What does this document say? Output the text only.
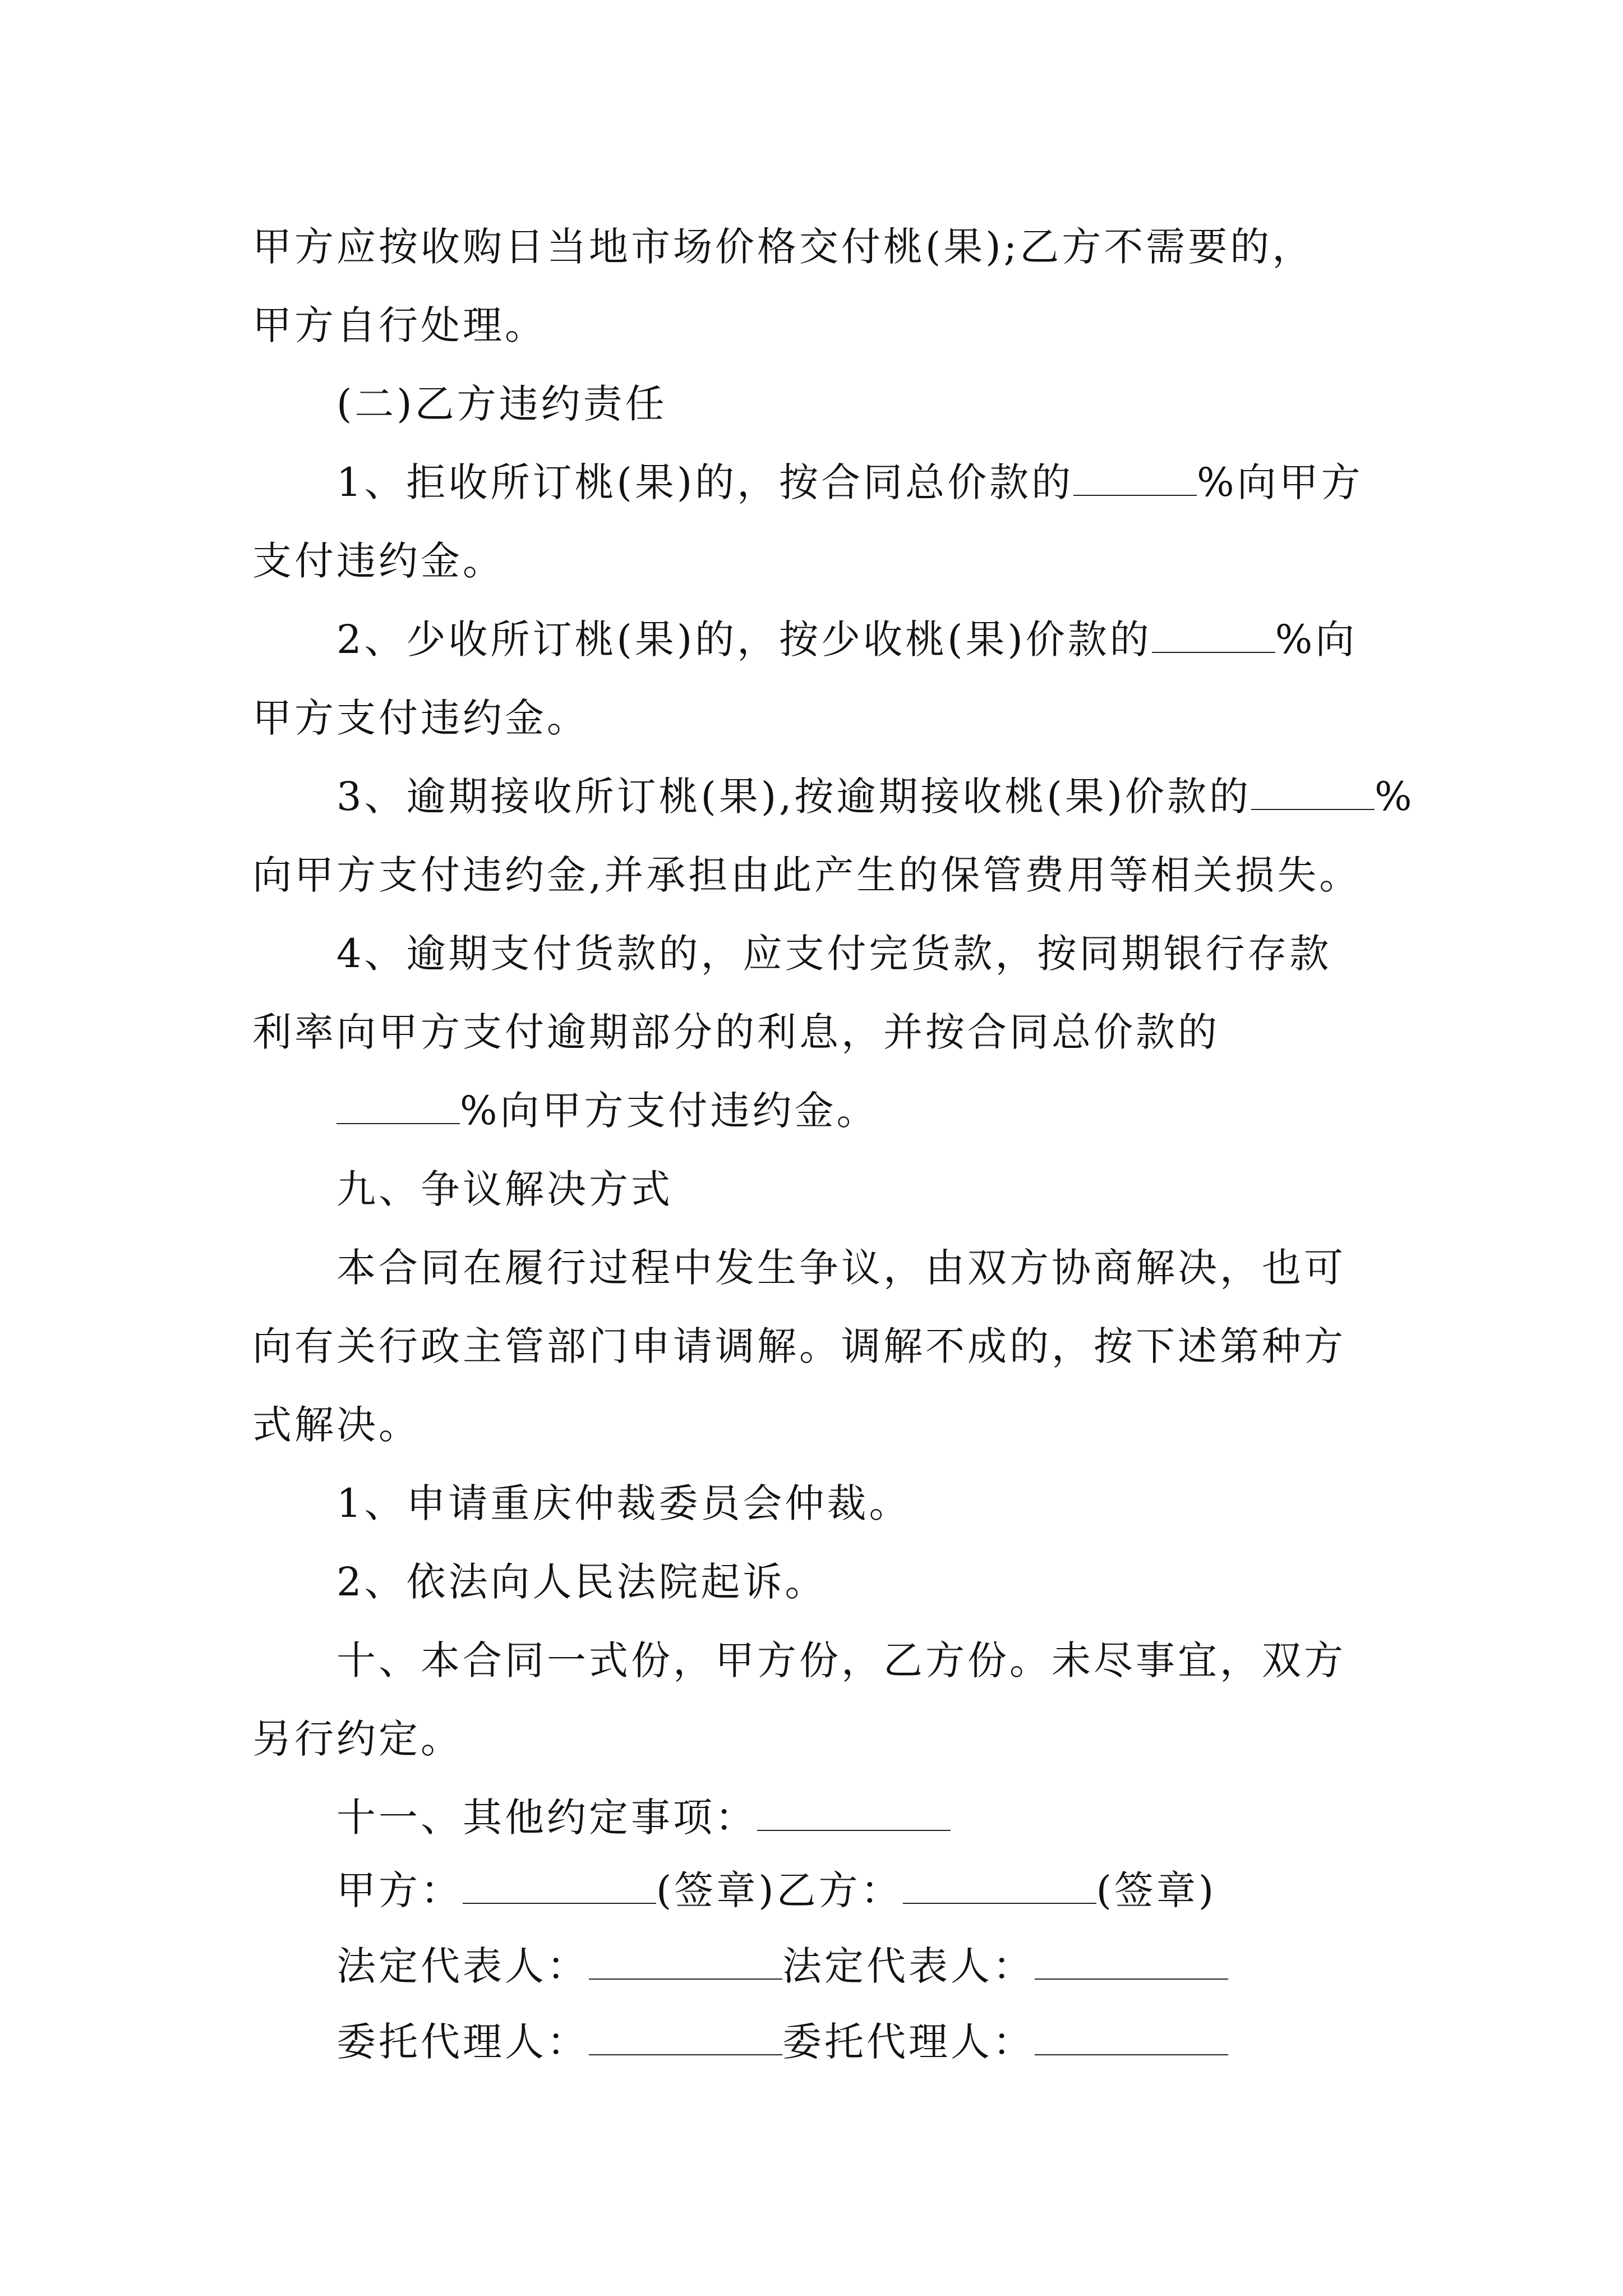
甲方应按收购日当地市场价格交付桃(果);乙方不需要的，
甲方自行处理。
(二)乙方违约责任
1、拒收所订桃(果)的，按合同总价款的	%向甲方
支付违约金。
2、少收所订桃(果)的，按少收桃(果)价款的	%向
甲方支付违约金。
3、逾期接收所订桃(果),按逾期接收桃(果)价款的	%
向甲方支付违约金,并承担由此产生的保管费用等相关损失。
4、逾期支付货款的，应支付完货款，按同期银行存款
利率向甲方支付逾期部分的利息，并按合同总价款的
%向甲方支付违约金。
九、争议解决方式
本合同在履行过程中发生争议，由双方协商解决，也可
向有关行政主管部门申请调解。调解不成的，按下述第种方
式解决。
1、申请重庆仲裁委员会仲裁。
2、依法向人民法院起诉。
十、本合同一式份，甲方份，乙方份。未尽事宜，双方
另行约定。
十一、其他约定事项：
甲方：	(签章)乙方：	(签章)
法定代表人：	法定代表人：
委托代理人：	委托代理人：
